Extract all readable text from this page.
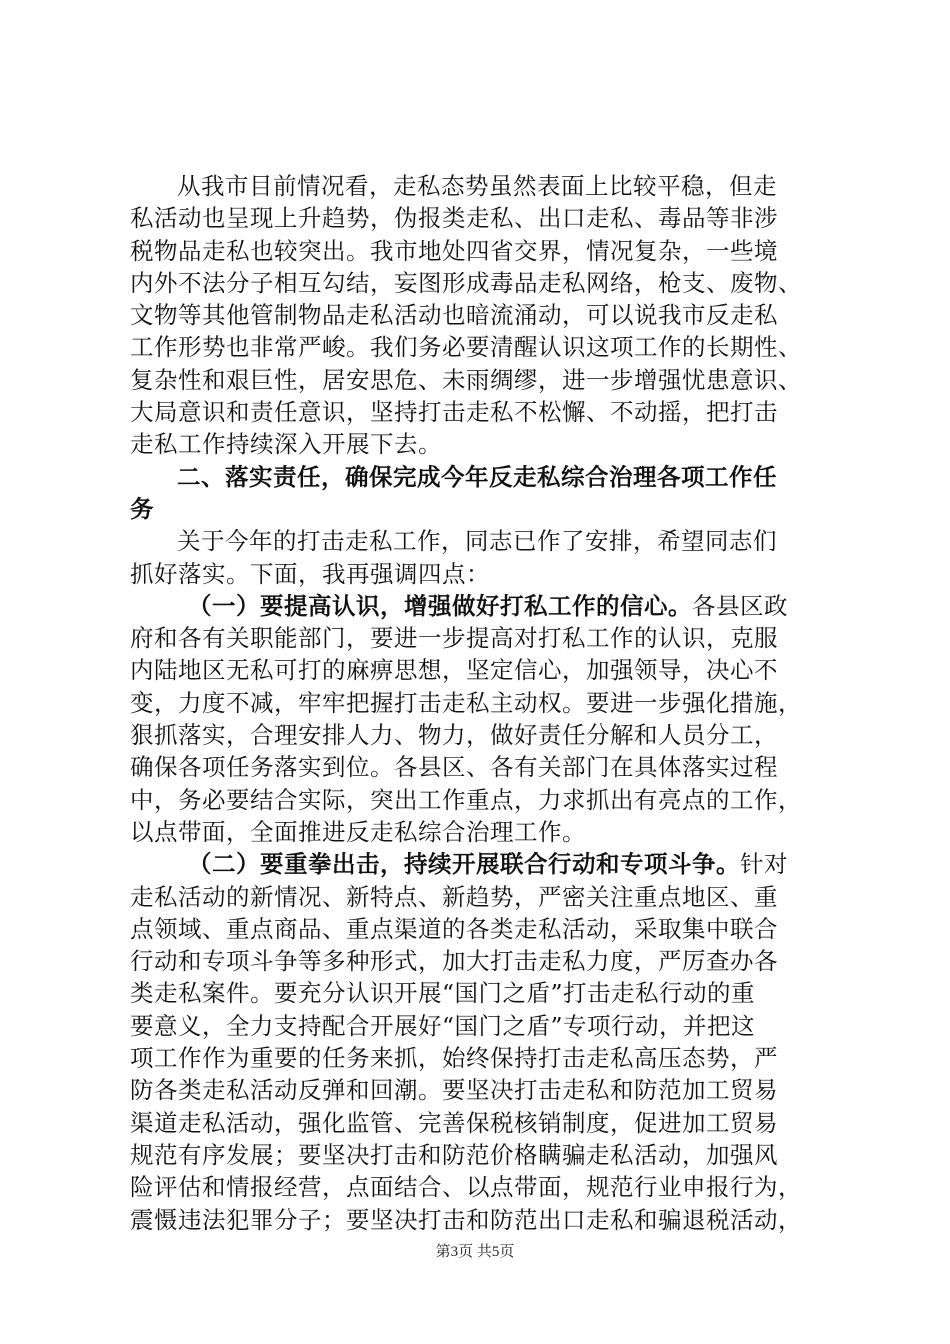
从我市目前情况看，走私态势虽然表面上比较平稳，但走
私活动也呈现上升趋势，伪报类走私、出口走私、毒品等非涉
税物品走私也较突出。我市地处四省交界，情况复杂，一些境
内外不法分子相互勾结，妄图形成毒品走私网络，枪支、废物、
文物等其他管制物品走私活动也暗流涌动，可以说我市反走私
工作形势也非常严峻。我们务必要清醒认识这项工作的长期性、
复杂性和艰巨性，居安思危、未雨绸缪，进一步增强忧患意识、
大局意识和责任意识，坚持打击走私不松懈、不动摇，把打击
走私工作持续深入开展下去。
二、落实责任，确保完成今年反走私综合治理各项工作任
务
关于今年的打击走私工作，同志已作了安排，希望同志们
抓好落实。下面，我再强调四点：
（一）要提高认识，增强做好打私工作的信心。各县区政
府和各有关职能部门，要进一步提高对打私工作的认识，克服
内陆地区无私可打的麻痹思想，坚定信心，加强领导，决心不
变，力度不减，牢牢把握打击走私主动权。要进一步强化措施，
狠抓落实，合理安排人力、物力，做好责任分解和人员分工，
确保各项任务落实到位。各县区、各有关部门在具体落实过程
中，务必要结合实际，突出工作重点，力求抓出有亮点的工作，
以点带面，全面推进反走私综合治理工作。
（二）要重拳出击，持续开展联合行动和专项斗争。针对
走私活动的新情况、新特点、新趋势，严密关注重点地区、重
点领域、重点商品、重点渠道的各类走私活动，采取集中联合
行动和专项斗争等多种形式，加大打击走私力度，严厉查办各
类走私案件。要充分认识开展“国门之盾”打击走私行动的重
要意义，全力支持配合开展好“国门之盾”专项行动，并把这
项工作作为重要的任务来抓，始终保持打击走私高压态势，严
防各类走私活动反弹和回潮。要坚决打击走私和防范加工贸易
渠道走私活动，强化监管、完善保税核销制度，促进加工贸易
规范有序发展；要坚决打击和防范价格瞒骗走私活动，加强风
险评估和情报经营，点面结合、以点带面，规范行业申报行为，
震慑违法犯罪分子；要坚决打击和防范出口走私和骗退税活动，
第3页 共5页
